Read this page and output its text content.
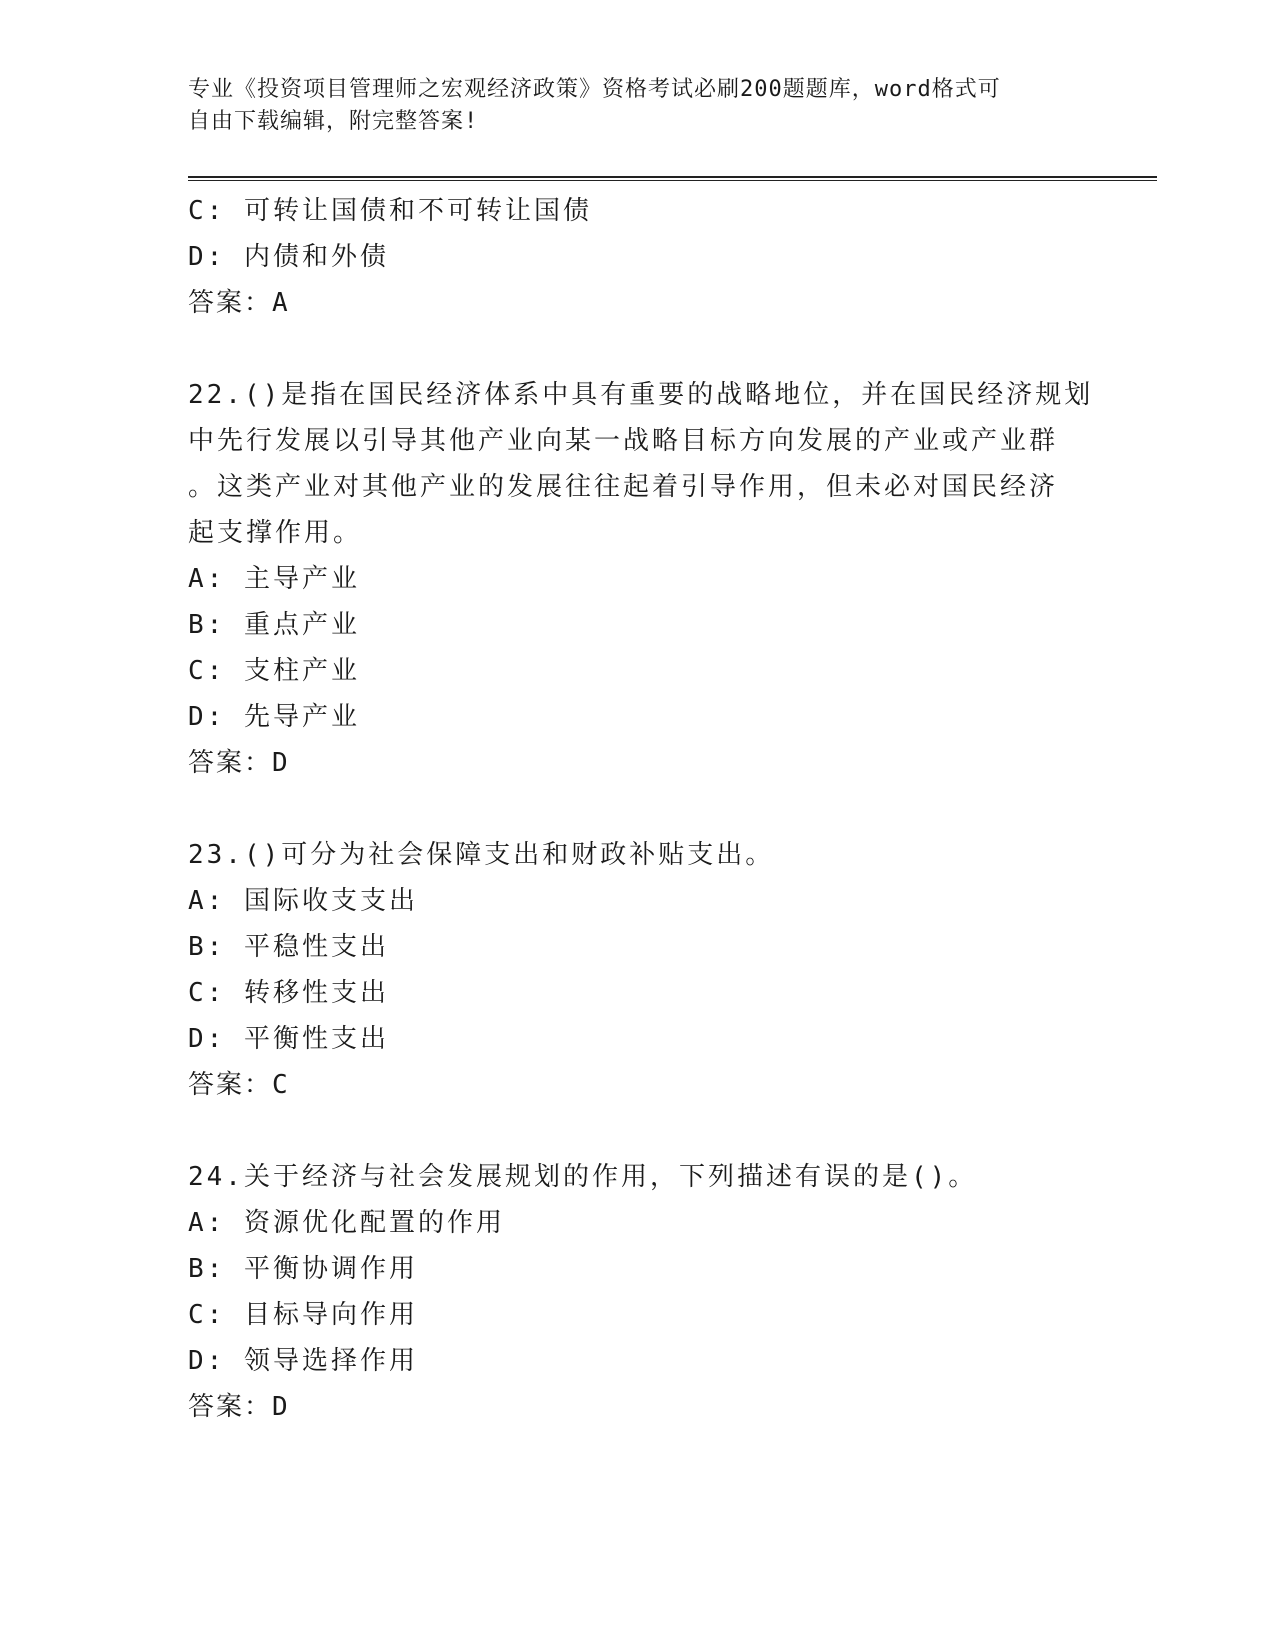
专业《投资项目管理师之宏观经济政策》资格考试必刷200题题库，word格式可
自由下载编辑，附完整答案!
C: 可转让国债和不可转让国债
D: 内债和外债
答案：A
22.()是指在国民经济体系中具有重要的战略地位，并在国民经济规划
中先行发展以引导其他产业向某一战略目标方向发展的产业或产业群
。这类产业对其他产业的发展往往起着引导作用，但未必对国民经济
起支撑作用。
A: 主导产业
B: 重点产业
C: 支柱产业
D: 先导产业
答案：D
23.()可分为社会保障支出和财政补贴支出。
A: 国际收支支出
B: 平稳性支出
C: 转移性支出
D: 平衡性支出
答案：C
24.关于经济与社会发展规划的作用，下列描述有误的是()。
A: 资源优化配置的作用
B: 平衡协调作用
C: 目标导向作用
D: 领导选择作用
答案：D
